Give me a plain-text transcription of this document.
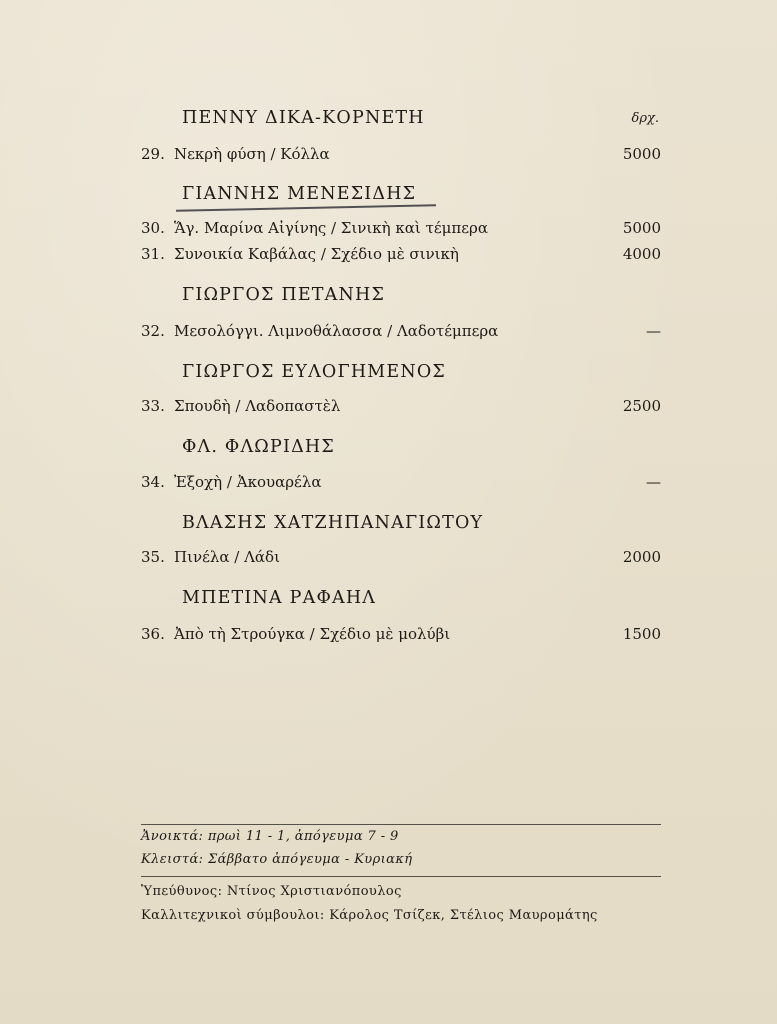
δρχ.
ΠΕΝΝΥ ΔΙΚΑ-ΚΟΡΝΕΤΗ
29. Νεκρὴ φύση / Κόλλα	5000
ΓΙΑΝΝΗΣ ΜΕΝΕΣΙΔΗΣ
30. Ἅγ. Μαρίνα Αἰγίνης / Σινικὴ καὶ τέμπερα	5000
31. Συνοικία Καβάλας / Σχέδιο μὲ σινικὴ	4000
ΓΙΩΡΓΟΣ ΠΕΤΑΝΗΣ
32. Μεσολόγγι. Λιμνοθάλασσα / Λαδοτέμπερα	—
ΓΙΩΡΓΟΣ ΕΥΛΟΓΗΜΕΝΟΣ
33. Σπουδὴ / Λαδοπαστὲλ	2500
ΦΛ. ΦΛΩΡΙΔΗΣ
34. Ἐξοχὴ / Ἀκουαρέλα	—
ΒΛΑΣΗΣ ΧΑΤΖΗΠΑΝΑΓΙΩΤΟΥ
35. Πινέλα / Λάδι	2000
ΜΠΕΤΙΝΑ ΡΑΦΑΗΛ
36. Ἀπὸ τὴ Στρούγκα / Σχέδιο μὲ μολύβι	1500
Ἀνοικτά: πρωὶ 11 - 1, ἀπόγευμα 7 - 9
Κλειστά: Σάββατο ἀπόγευμα - Κυριακή
Ὑπεύθυνος: Ντίνος Χριστιανόπουλος
Καλλιτεχνικοὶ σύμβουλοι: Κάρολος Τσίζεκ, Στέλιος Μαυρομάτης
